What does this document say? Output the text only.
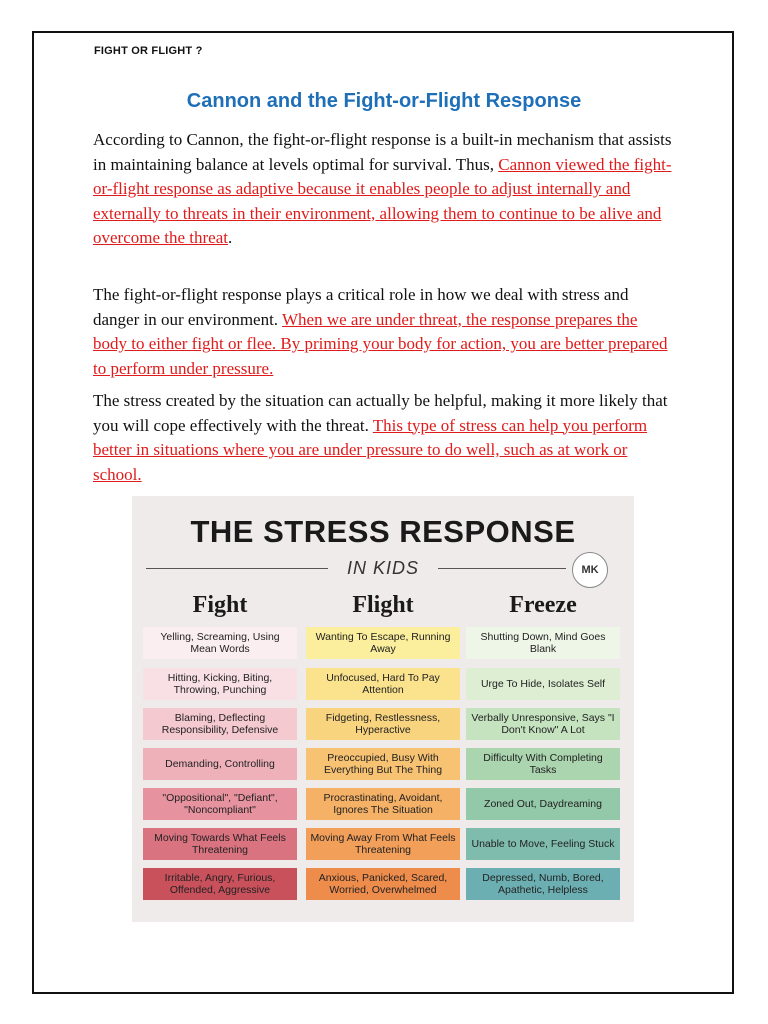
FIGHT OR FLIGHT ?
Cannon and the Fight-or-Flight Response

According to Cannon, the fight-or-flight response is a built-in mechanism that assists in maintaining balance at levels optimal for survival. Thus, Cannon viewed the fight-or-flight response as adaptive because it enables people to adjust internally and externally to threats in their environment, allowing them to continue to be alive and overcome the threat.

The fight-or-flight response plays a critical role in how we deal with stress and danger in our environment. When we are under threat, the response prepares the body to either fight or flee. By priming your body for action, you are better prepared to perform under pressure.

The stress created by the situation can actually be helpful, making it more likely that you will cope effectively with the threat. This type of stress can help you perform better in situations where you are under pressure to do well, such as at work or school.

THE STRESS RESPONSE
IN KIDS	MK
Fight
Yelling, Screaming, Using Mean Words
Hitting, Kicking, Biting, Throwing, Punching
Blaming, Deflecting Responsibility, Defensive
Demanding, Controlling
"Oppositional", "Defiant", "Noncompliant"
Moving Towards What Feels Threatening
Irritable, Angry, Furious, Offended, Aggressive
Flight
Wanting To Escape, Running Away
Unfocused, Hard To Pay Attention
Fidgeting, Restlessness, Hyperactive
Preoccupied, Busy With Everything But The Thing
Procrastinating, Avoidant, Ignores The Situation
Moving Away From What Feels Threatening
Anxious, Panicked, Scared, Worried, Overwhelmed
Freeze
Shutting Down, Mind Goes Blank
Urge To Hide, Isolates Self
Verbally Unresponsive, Says "I Don't Know" A Lot
Difficulty With Completing Tasks
Zoned Out, Daydreaming
Unable to Move, Feeling Stuck
Depressed, Numb, Bored, Apathetic, Helpless
